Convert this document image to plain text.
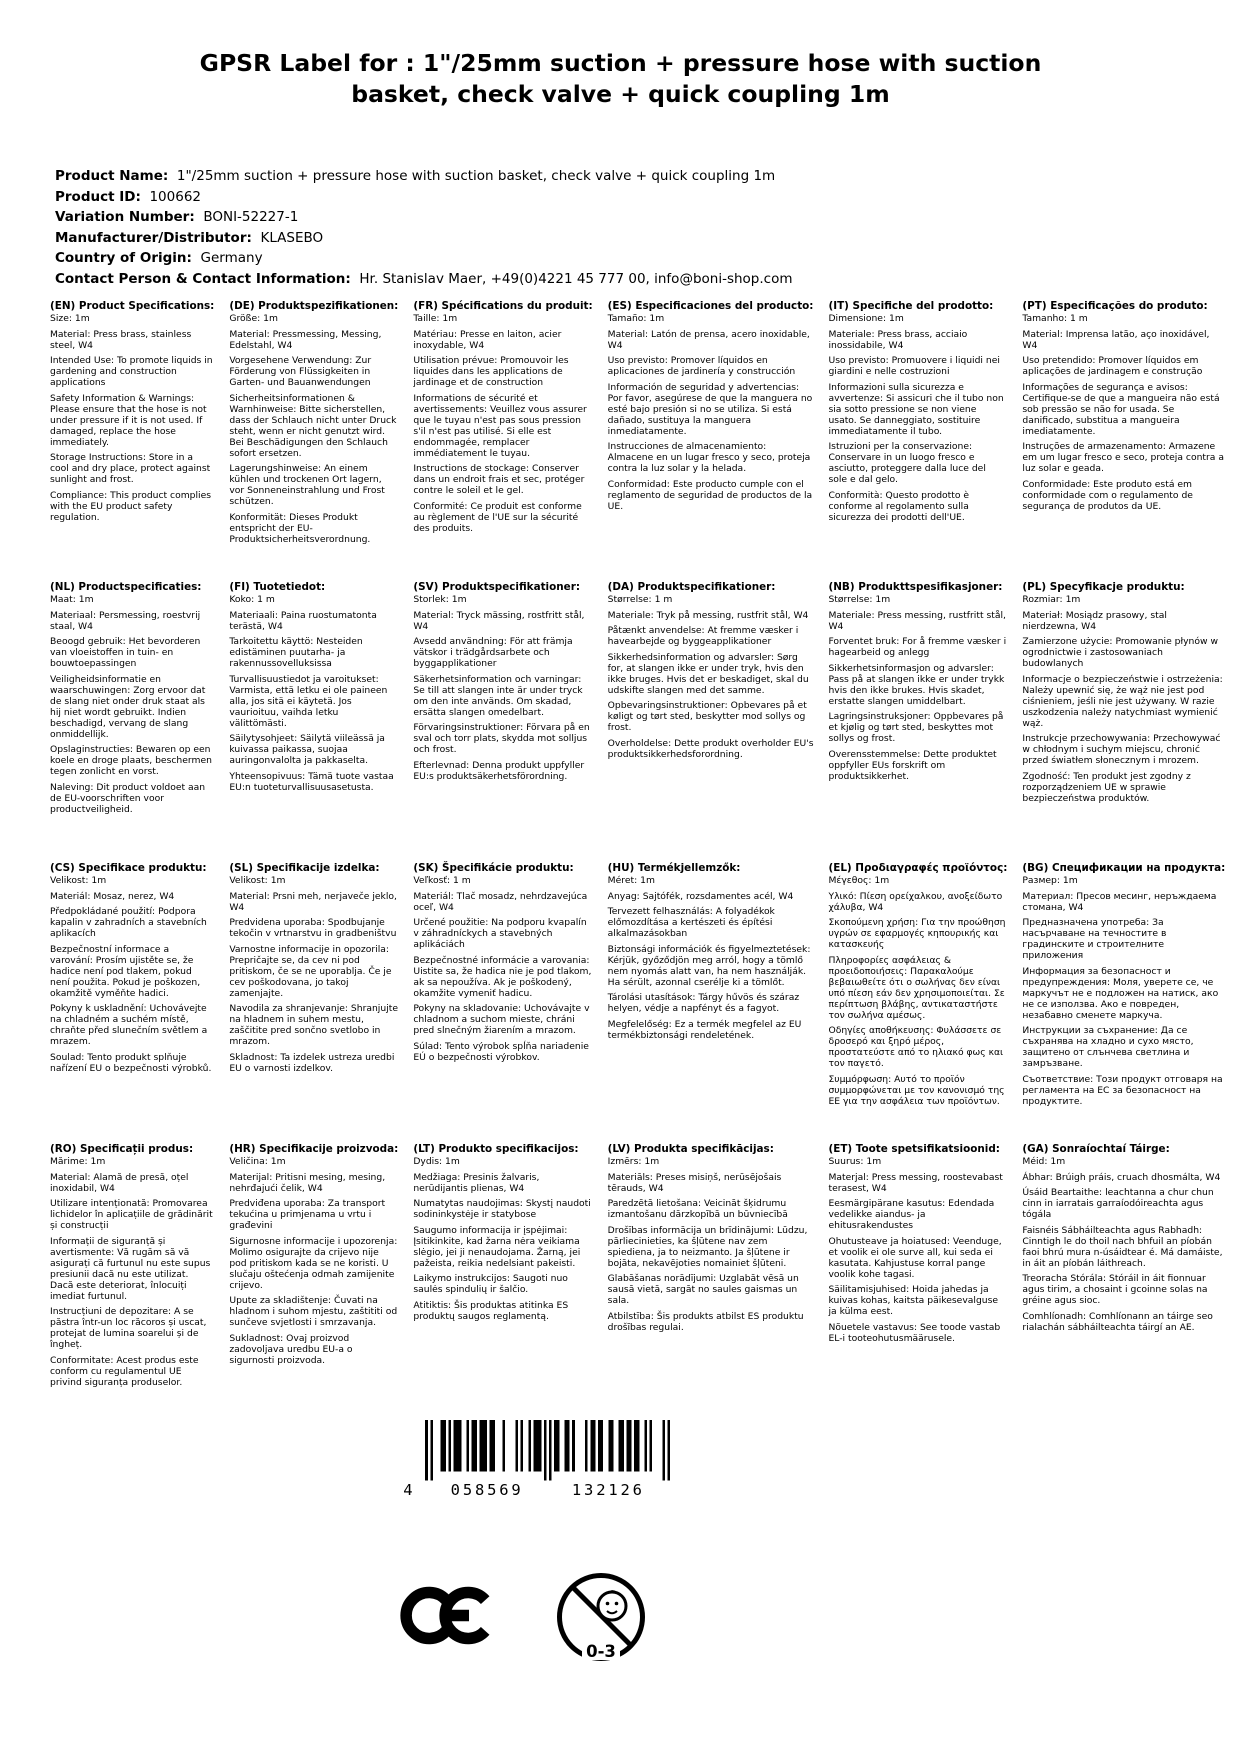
GPSR Label for : 1"/25mm suction + pressure hose with suction
basket, check valve + quick coupling 1m
Product Name:  1"/25mm suction + pressure hose with suction basket, check valve + quick coupling 1m
Product ID:  100662
Variation Number:  BONI-52227-1
Manufacturer/Distributor:  KLASEBO
Country of Origin:  Germany
Contact Person & Contact Information:  Hr. Stanislav Maer, +49(0)4221 45 777 00, info@boni-shop.com
(EN) Product Specifications:

Size: 1m

Material: Press brass, stainless steel, W4

Intended Use: To promote liquids in gardening and construction applications

Safety Information & Warnings: Please ensure that the hose is not under pressure if it is not used. If damaged, replace the hose immediately.

Storage Instructions: Store in a cool and dry place, protect against sunlight and frost.

Compliance: This product complies with the EU product safety regulation.

(DE) Produktspezifikationen:

Größe: 1m

Material: Pressmessing, Messing, Edelstahl, W4

Vorgesehene Verwendung: Zur Förderung von Flüssigkeiten in Garten- und Bauanwendungen

Sicherheitsinformationen & Warnhinweise: Bitte sicherstellen, dass der Schlauch nicht unter Druck steht, wenn er nicht genutzt wird. Bei Beschädigungen den Schlauch sofort ersetzen.

Lagerungshinweise: An einem kühlen und trockenen Ort lagern, vor Sonneneinstrahlung und Frost schützen.

Konformität: Dieses Produkt entspricht der EU-Produktsicherheitsverordnung.

(FR) Spécifications du produit:

Taille: 1m

Matériau: Presse en laiton, acier inoxydable, W4

Utilisation prévue: Promouvoir les liquides dans les applications de jardinage et de construction

Informations de sécurité et avertissements: Veuillez vous assurer que le tuyau n'est pas sous pression s'il n'est pas utilisé. Si elle est endommagée, remplacer immédiatement le tuyau.

Instructions de stockage: Conserver dans un endroit frais et sec, protéger contre le soleil et le gel.

Conformité: Ce produit est conforme au règlement de l'UE sur la sécurité des produits.

(ES) Especificaciones del producto:

Tamaño: 1m

Material: Latón de prensa, acero inoxidable, W4

Uso previsto: Promover líquidos en aplicaciones de jardinería y construcción

Información de seguridad y advertencias: Por favor, asegúrese de que la manguera no esté bajo presión si no se utiliza. Si está dañado, sustituya la manguera inmediatamente.

Instrucciones de almacenamiento: Almacene en un lugar fresco y seco, proteja contra la luz solar y la helada.

Conformidad: Este producto cumple con el reglamento de seguridad de productos de la UE.

(IT) Specifiche del prodotto:

Dimensione: 1m

Materiale: Press brass, acciaio inossidabile, W4

Uso previsto: Promuovere i liquidi nei giardini e nelle costruzioni

Informazioni sulla sicurezza e avvertenze: Si assicuri che il tubo non sia sotto pressione se non viene usato. Se danneggiato, sostituire immediatamente il tubo.

Istruzioni per la conservazione: Conservare in un luogo fresco e asciutto, proteggere dalla luce del sole e dal gelo.

Conformità: Questo prodotto è conforme al regolamento sulla sicurezza dei prodotti dell'UE.

(PT) Especificações do produto:

Tamanho: 1 m

Material: Imprensa latão, aço inoxidável, W4

Uso pretendido: Promover líquidos em aplicações de jardinagem e construção

Informações de segurança e avisos: Certifique-se de que a mangueira não está sob pressão se não for usada. Se danificado, substitua a mangueira imediatamente.

Instruções de armazenamento: Armazene em um lugar fresco e seco, proteja contra a luz solar e geada.

Conformidade: Este produto está em conformidade com o regulamento de segurança de produtos da UE.

(NL) Productspecificaties:

Maat: 1m

Materiaal: Persmessing, roestvrij staal, W4

Beoogd gebruik: Het bevorderen van vloeistoffen in tuin- en bouwtoepassingen

Veiligheidsinformatie en waarschuwingen: Zorg ervoor dat de slang niet onder druk staat als hij niet wordt gebruikt. Indien beschadigd, vervang de slang onmiddellijk.

Opslaginstructies: Bewaren op een koele en droge plaats, beschermen tegen zonlicht en vorst.

Naleving: Dit product voldoet aan de EU-voorschriften voor productveiligheid.

(FI) Tuotetiedot:

Koko: 1 m

Materiaali: Paina ruostumatonta terästä, W4

Tarkoitettu käyttö: Nesteiden edistäminen puutarha- ja rakennussovelluksissa

Turvallisuustiedot ja varoitukset: Varmista, että letku ei ole paineen alla, jos sitä ei käytetä. Jos vaurioituu, vaihda letku välittömästi.

Säilytysohjeet: Säilytä viileässä ja kuivassa paikassa, suojaa auringonvalolta ja pakkaselta.

Yhteensopivuus: Tämä tuote vastaa EU:n tuoteturvallisuusasetusta.

(SV) Produktspecifikationer:

Storlek: 1m

Material: Tryck mässing, rostfritt stål, W4

Avsedd användning: För att främja vätskor i trädgårdsarbete och byggapplikationer

Säkerhetsinformation och varningar: Se till att slangen inte är under tryck om den inte används. Om skadad, ersätta slangen omedelbart.

Förvaringsinstruktioner: Förvara på en sval och torr plats, skydda mot solljus och frost.

Efterlevnad: Denna produkt uppfyller EU:s produktsäkerhetsförordning.

(DA) Produktspecifikationer:

Størrelse: 1 m

Materiale: Tryk på messing, rustfrit stål, W4

Påtænkt anvendelse: At fremme væsker i havearbejde og byggeapplikationer

Sikkerhedsinformation og advarsler: Sørg for, at slangen ikke er under tryk, hvis den ikke bruges. Hvis det er beskadiget, skal du udskifte slangen med det samme.

Opbevaringsinstruktioner: Opbevares på et køligt og tørt sted, beskytter mod sollys og frost.

Overholdelse: Dette produkt overholder EU's produktsikkerhedsforordning.

(NB) Produkttspesifikasjoner:

Størrelse: 1m

Materiale: Press messing, rustfritt stål, W4

Forventet bruk: For å fremme væsker i hagearbeid og anlegg

Sikkerhetsinformasjon og advarsler: Pass på at slangen ikke er under trykk hvis den ikke brukes. Hvis skadet, erstatte slangen umiddelbart.

Lagringsinstruksjoner: Oppbevares på et kjølig og tørt sted, beskyttes mot sollys og frost.

Overensstemmelse: Dette produktet oppfyller EUs forskrift om produktsikkerhet.

(PL) Specyfikacje produktu:

Rozmiar: 1m

Materiał: Mosiądz prasowy, stal nierdzewna, W4

Zamierzone użycie: Promowanie płynów w ogrodnictwie i zastosowaniach budowlanych

Informacje o bezpieczeństwie i ostrzeżenia: Należy upewnić się, że wąż nie jest pod ciśnieniem, jeśli nie jest używany. W razie uszkodzenia należy natychmiast wymienić wąż.

Instrukcje przechowywania: Przechowywać w chłodnym i suchym miejscu, chronić przed światłem słonecznym i mrozem.

Zgodność: Ten produkt jest zgodny z rozporządzeniem UE w sprawie bezpieczeństwa produktów.

(CS) Specifikace produktu:

Velikost: 1m

Materiál: Mosaz, nerez, W4

Předpokládané použití: Podpora kapalin v zahradních a stavebních aplikacích

Bezpečnostní informace a varování: Prosím ujistěte se, že hadice není pod tlakem, pokud není použita. Pokud je poškozen, okamžitě vyměňte hadici.

Pokyny k uskladnění: Uchovávejte na chladném a suchém místě, chraňte před slunečním světlem a mrazem.

Soulad: Tento produkt splňuje nařízení EU o bezpečnosti výrobků.

(SL) Specifikacije izdelka:

Velikost: 1m

Material: Prsni meh, nerjaveče jeklo, W4

Predvidena uporaba: Spodbujanje tekočin v vrtnarstvu in gradbeništvu

Varnostne informacije in opozorila: Prepričajte se, da cev ni pod pritiskom, če se ne uporablja. Če je cev poškodovana, jo takoj zamenjajte.

Navodila za shranjevanje: Shranjujte na hladnem in suhem mestu, zaščitite pred sončno svetlobo in mrazom.

Skladnost: Ta izdelek ustreza uredbi EU o varnosti izdelkov.

(SK) Špecifikácie produktu:

Veľkosť: 1 m

Materiál: Tlač mosadz, nehrdzavejúca oceľ, W4

Určené použitie: Na podporu kvapalín v záhradníckych a stavebných aplikáciách

Bezpečnostné informácie a varovania: Uistite sa, že hadica nie je pod tlakom, ak sa nepoužíva. Ak je poškodený, okamžite vymeniť hadicu.

Pokyny na skladovanie: Uchovávajte v chladnom a suchom mieste, chráni pred slnečným žiarením a mrazom.

Súlad: Tento výrobok spĺňa nariadenie EÚ o bezpečnosti výrobkov.

(HU) Termékjellemzők:

Méret: 1m

Anyag: Sajtófék, rozsdamentes acél, W4

Tervezett felhasználás: A folyadékok előmozdítása a kertészeti és építési alkalmazásokban

Biztonsági információk és figyelmeztetések: Kérjük, győződjön meg arról, hogy a tömlő nem nyomás alatt van, ha nem használják. Ha sérült, azonnal cserélje ki a tömlőt.

Tárolási utasítások: Tárgy hűvös és száraz helyen, védje a napfényt és a fagyot.

Megfelelőség: Ez a termék megfelel az EU termékbiztonsági rendeletének.

(EL) Προδιαγραφές προϊόντος:

Μέγεθος: 1m

Υλικό: Πίεση ορείχαλκου, ανοξείδωτο χάλυβα, W4

Σκοπούμενη χρήση: Για την προώθηση υγρών σε εφαρμογές κηπουρικής και κατασκευής

Πληροφορίες ασφάλειας & προειδοποιήσεις: Παρακαλούμε βεβαιωθείτε ότι ο σωλήνας δεν είναι υπό πίεση εάν δεν χρησιμοποιείται. Σε περίπτωση βλάβης, αντικαταστήστε τον σωλήνα αμέσως.

Οδηγίες αποθήκευσης: Φυλάσσετε σε δροσερό και ξηρό μέρος, προστατεύστε από το ηλιακό φως και τον παγετό.

Συμμόρφωση: Αυτό το προϊόν συμμορφώνεται με τον κανονισμό της ΕΕ για την ασφάλεια των προϊόντων.

(BG) Спецификации на продукта:

Размер: 1m

Материал: Пресов месинг, неръждаема стомана, W4

Предназначена употреба: За насърчаване на течностите в градинските и строителните приложения

Информация за безопасност и предупреждения: Моля, уверете се, че маркучът не е подложен на натиск, ако не се използва. Ако е повреден, незабавно сменете маркуча.

Инструкции за съхранение: Да се съхранява на хладно и сухо място, защитено от слънчева светлина и замръзване.

Съответствие: Този продукт отговаря на регламента на ЕС за безопасност на продуктите.

(RO) Specificații produs:

Mărime: 1m

Material: Alamă de presă, oțel inoxidabil, W4

Utilizare intenționată: Promovarea lichidelor în aplicațiile de grădinărit și construcții

Informații de siguranță și avertismente: Vă rugăm să vă asigurați că furtunul nu este supus presiunii dacă nu este utilizat. Dacă este deteriorat, înlocuiți imediat furtunul.

Instrucțiuni de depozitare: A se păstra într-un loc răcoros și uscat, protejat de lumina soarelui și de îngheț.

Conformitate: Acest produs este conform cu regulamentul UE privind siguranța produselor.

(HR) Specifikacije proizvoda:

Veličina: 1m

Materijal: Pritisni mesing, mesing, nehrđajući čelik, W4

Predviđena uporaba: Za transport tekućina u primjenama u vrtu i građevini

Sigurnosne informacije i upozorenja: Molimo osigurajte da crijevo nije pod pritiskom kada se ne koristi. U slučaju oštećenja odmah zamijenite crijevo.

Upute za skladištenje: Čuvati na hladnom i suhom mjestu, zaštititi od sunčeve svjetlosti i smrzavanja.

Sukladnost: Ovaj proizvod zadovoljava uredbu EU-a o sigurnosti proizvoda.

(LT) Produkto specifikacijos:

Dydis: 1m

Medžiaga: Presinis žalvaris, nerūdijantis plienas, W4

Numatytas naudojimas: Skystį naudoti sodininkystėje ir statybose

Saugumo informacija ir įspėjimai: Įsitikinkite, kad žarna nėra veikiama slėgio, jei ji nenaudojama. Žarną, jei pažeista, reikia nedelsiant pakeisti.

Laikymo instrukcijos: Saugoti nuo saulės spindulių ir šalčio.

Atitiktis: Šis produktas atitinka ES produktų saugos reglamentą.

(LV) Produkta specifikācijas:

Izmērs: 1m

Materiāls: Preses misiņš, nerūsējošais tērauds, W4

Paredzētā lietošana: Veicināt šķidrumu izmantošanu dārzkopībā un būvniecībā

Drošības informācija un brīdinājumi: Lūdzu, pārliecinieties, ka šļūtene nav zem spiediena, ja to neizmanto. Ja šļūtene ir bojāta, nekavējoties nomainiet šļūteni.

Glabāšanas norādījumi: Uzglabāt vēsā un sausā vietā, sargāt no saules gaismas un sala.

Atbilstība: Šis produkts atbilst ES produktu drošības regulai.

(ET) Toote spetsifikatsioonid:

Suurus: 1m

Materjal: Press messing, roostevabast terasest, W4

Eesmärgipärane kasutus: Edendada vedelikke aiandus- ja ehitusrakendustes

Ohutusteave ja hoiatused: Veenduge, et voolik ei ole surve all, kui seda ei kasutata. Kahjustuse korral pange voolik kohe tagasi.

Säilitamisjuhised: Hoida jahedas ja kuivas kohas, kaitsta päikesevalguse ja külma eest.

Nõuetele vastavus: See toode vastab EL-i tooteohutusmäärusele.

(GA) Sonraíochtaí Táirge:

Méid: 1m

Ábhar: Brúigh práis, cruach dhosmálta, W4

Úsáid Beartaithe: leachtanna a chur chun cinn in iarratais garraíodóireachta agus tógála

Faisnéis Sábháilteachta agus Rabhadh: Cinntigh le do thoil nach bhfuil an píobán faoi bhrú mura n-úsáidtear é. Má damáiste, in áit an píobán láithreach.

Treoracha Stórála: Stóráil in áit fionnuar agus tirim, a chosaint i gcoinne solas na gréine agus sioc.

Comhlíonadh: Comhlíonann an táirge seo rialachán sábháilteachta táirgí an AE.

4	058569	132126
0-3
